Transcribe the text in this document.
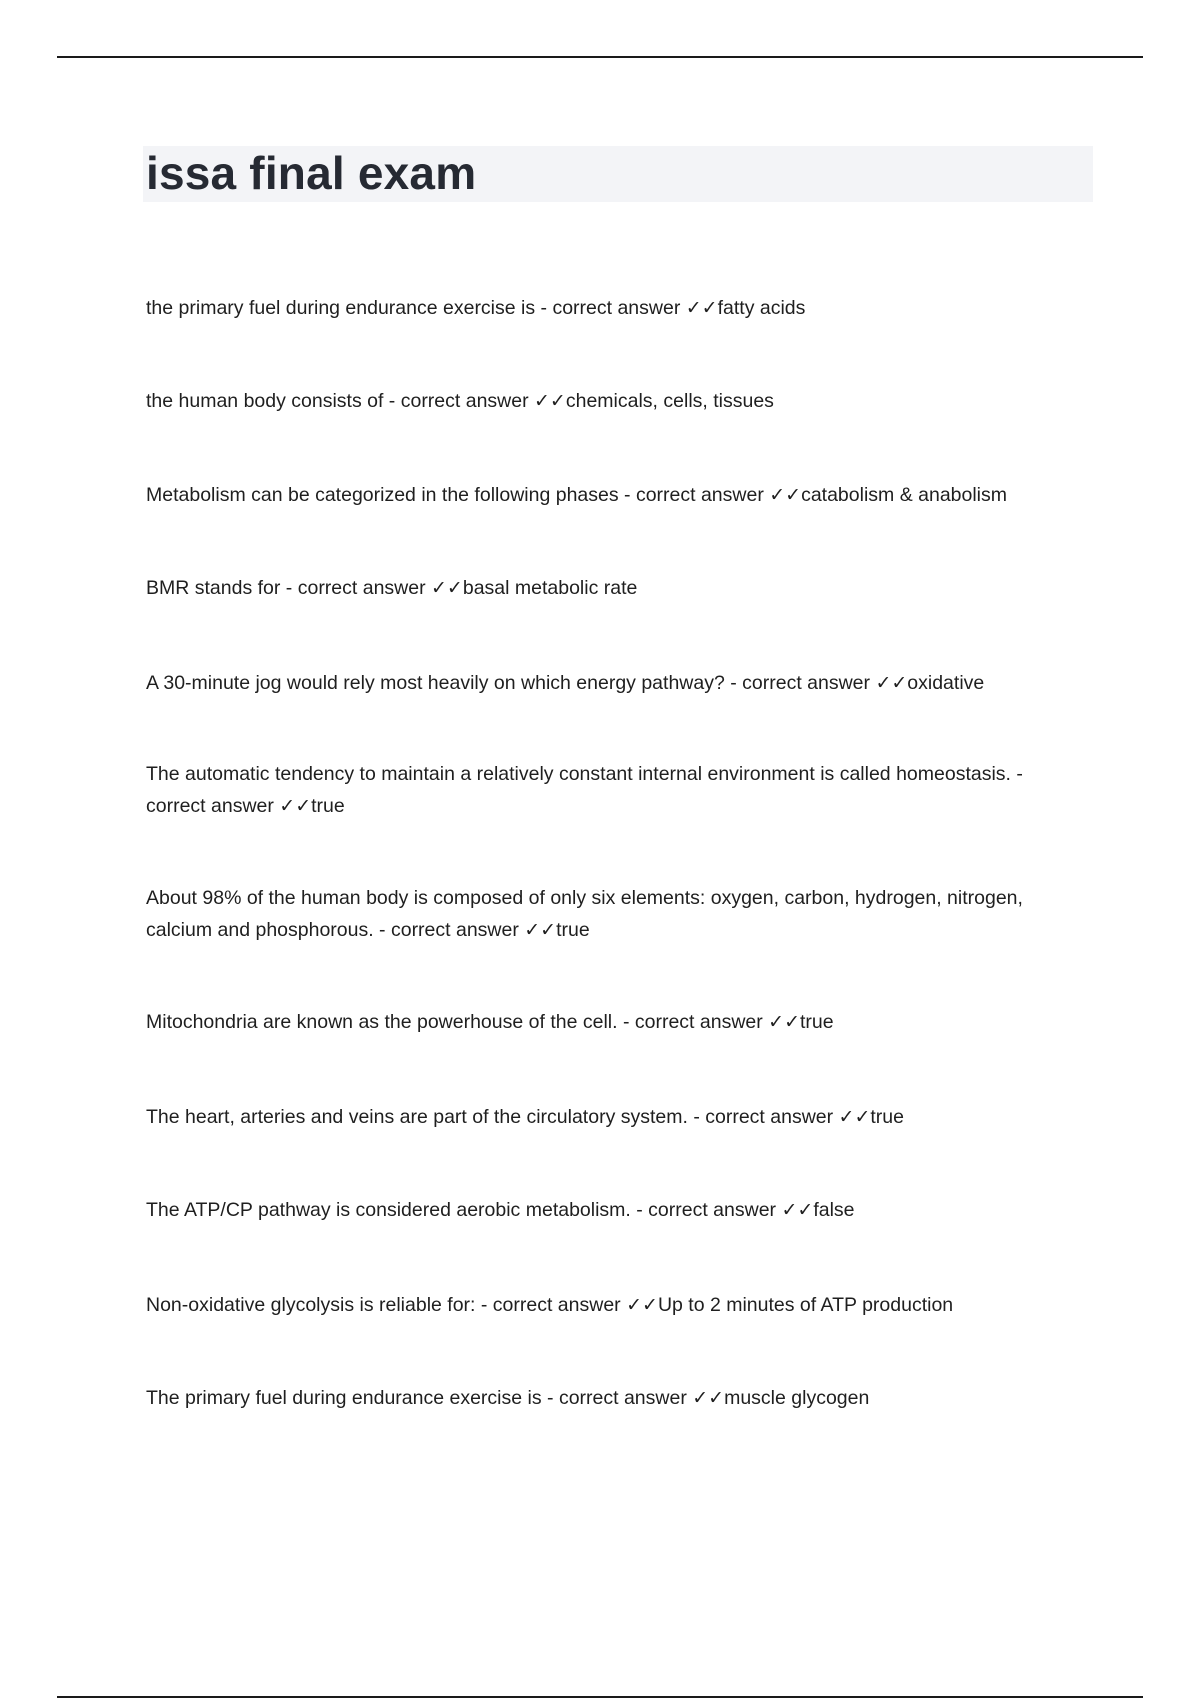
issa final exam

the primary fuel during endurance exercise is - correct answer ✓✓fatty acids

the human body consists of - correct answer ✓✓chemicals, cells, tissues

Metabolism can be categorized in the following phases - correct answer ✓✓catabolism & anabolism

BMR stands for - correct answer ✓✓basal metabolic rate

A 30-minute jog would rely most heavily on which energy pathway? - correct answer ✓✓oxidative

The automatic tendency to maintain a relatively constant internal environment is called homeostasis. - correct answer ✓✓true

About 98% of the human body is composed of only six elements: oxygen, carbon, hydrogen, nitrogen, calcium and phosphorous. - correct answer ✓✓true

Mitochondria are known as the powerhouse of the cell. - correct answer ✓✓true

The heart, arteries and veins are part of the circulatory system. - correct answer ✓✓true

The ATP/CP pathway is considered aerobic metabolism. - correct answer ✓✓false

Non-oxidative glycolysis is reliable for: - correct answer ✓✓Up to 2 minutes of ATP production

The primary fuel during endurance exercise is - correct answer ✓✓muscle glycogen
